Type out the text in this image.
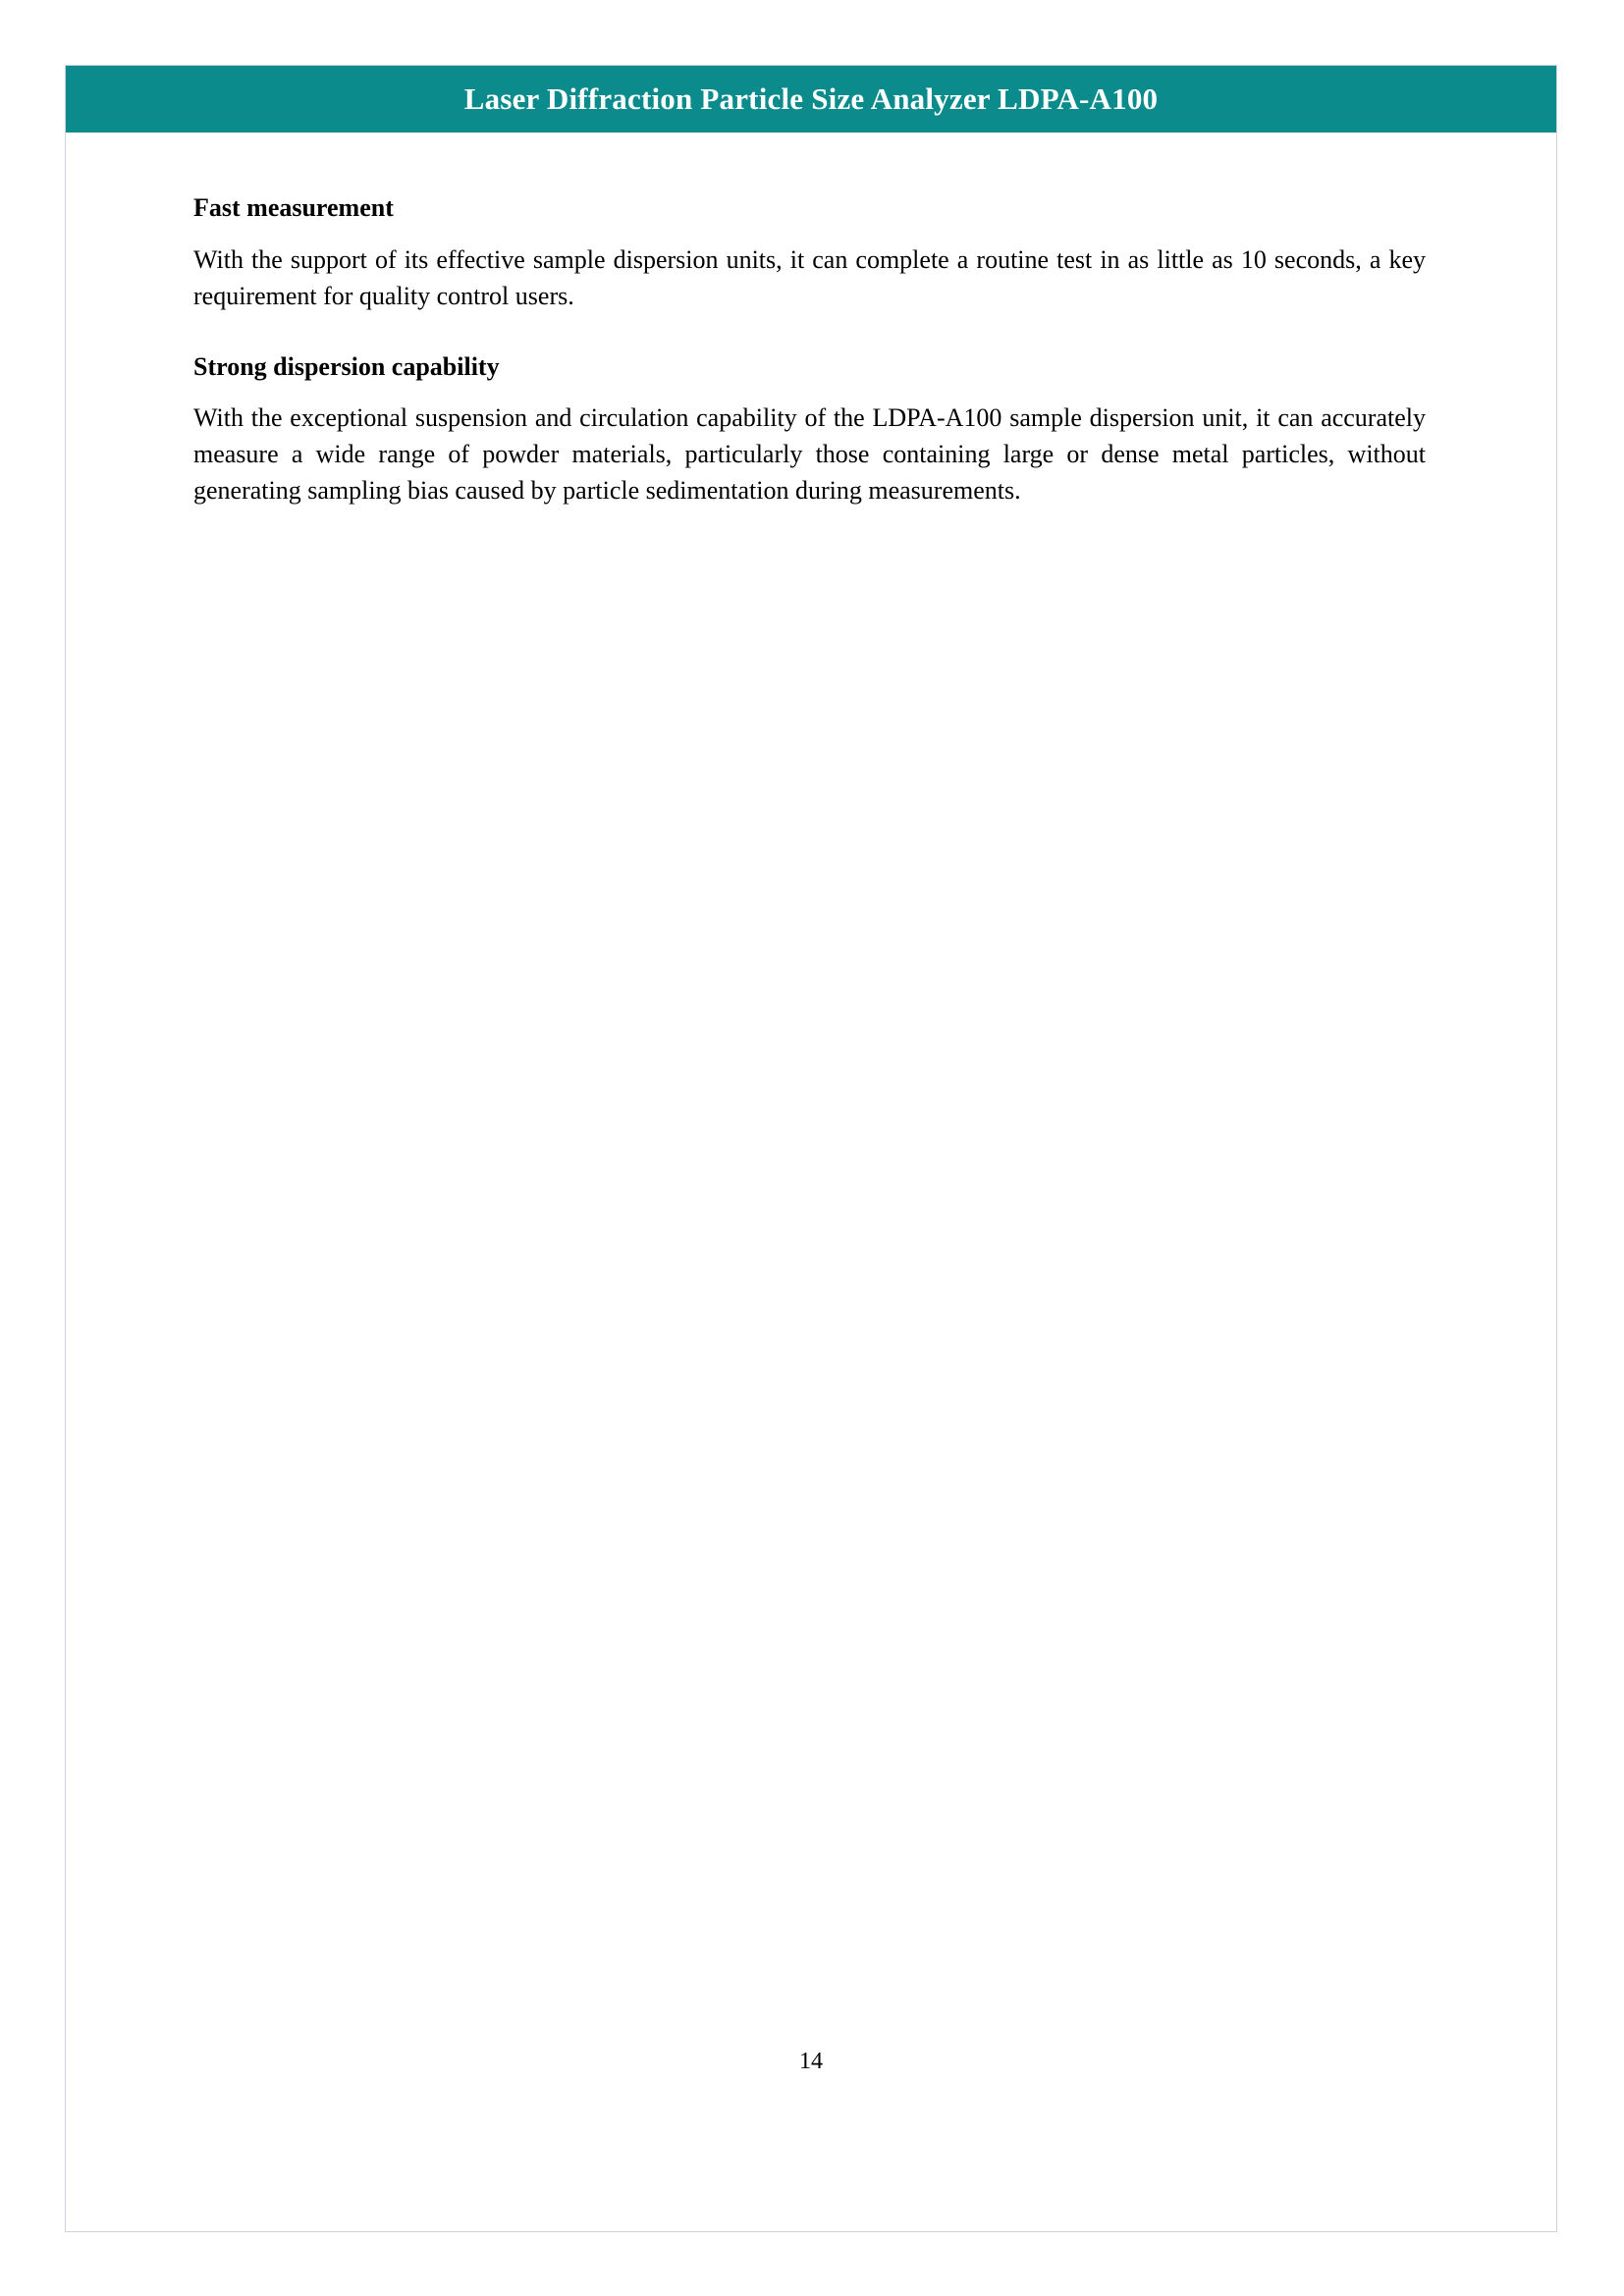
Laser Diffraction Particle Size Analyzer LDPA-A100
Fast measurement

With the support of its effective sample dispersion units, it can complete a routine test in as little as 10 seconds, a key requirement for quality control users.

Strong dispersion capability

With the exceptional suspension and circulation capability of the LDPA-A100 sample dispersion unit, it can accurately measure a wide range of powder materials, particularly those containing large or dense metal particles, without generating sampling bias caused by particle sedimentation during measurements.

14
